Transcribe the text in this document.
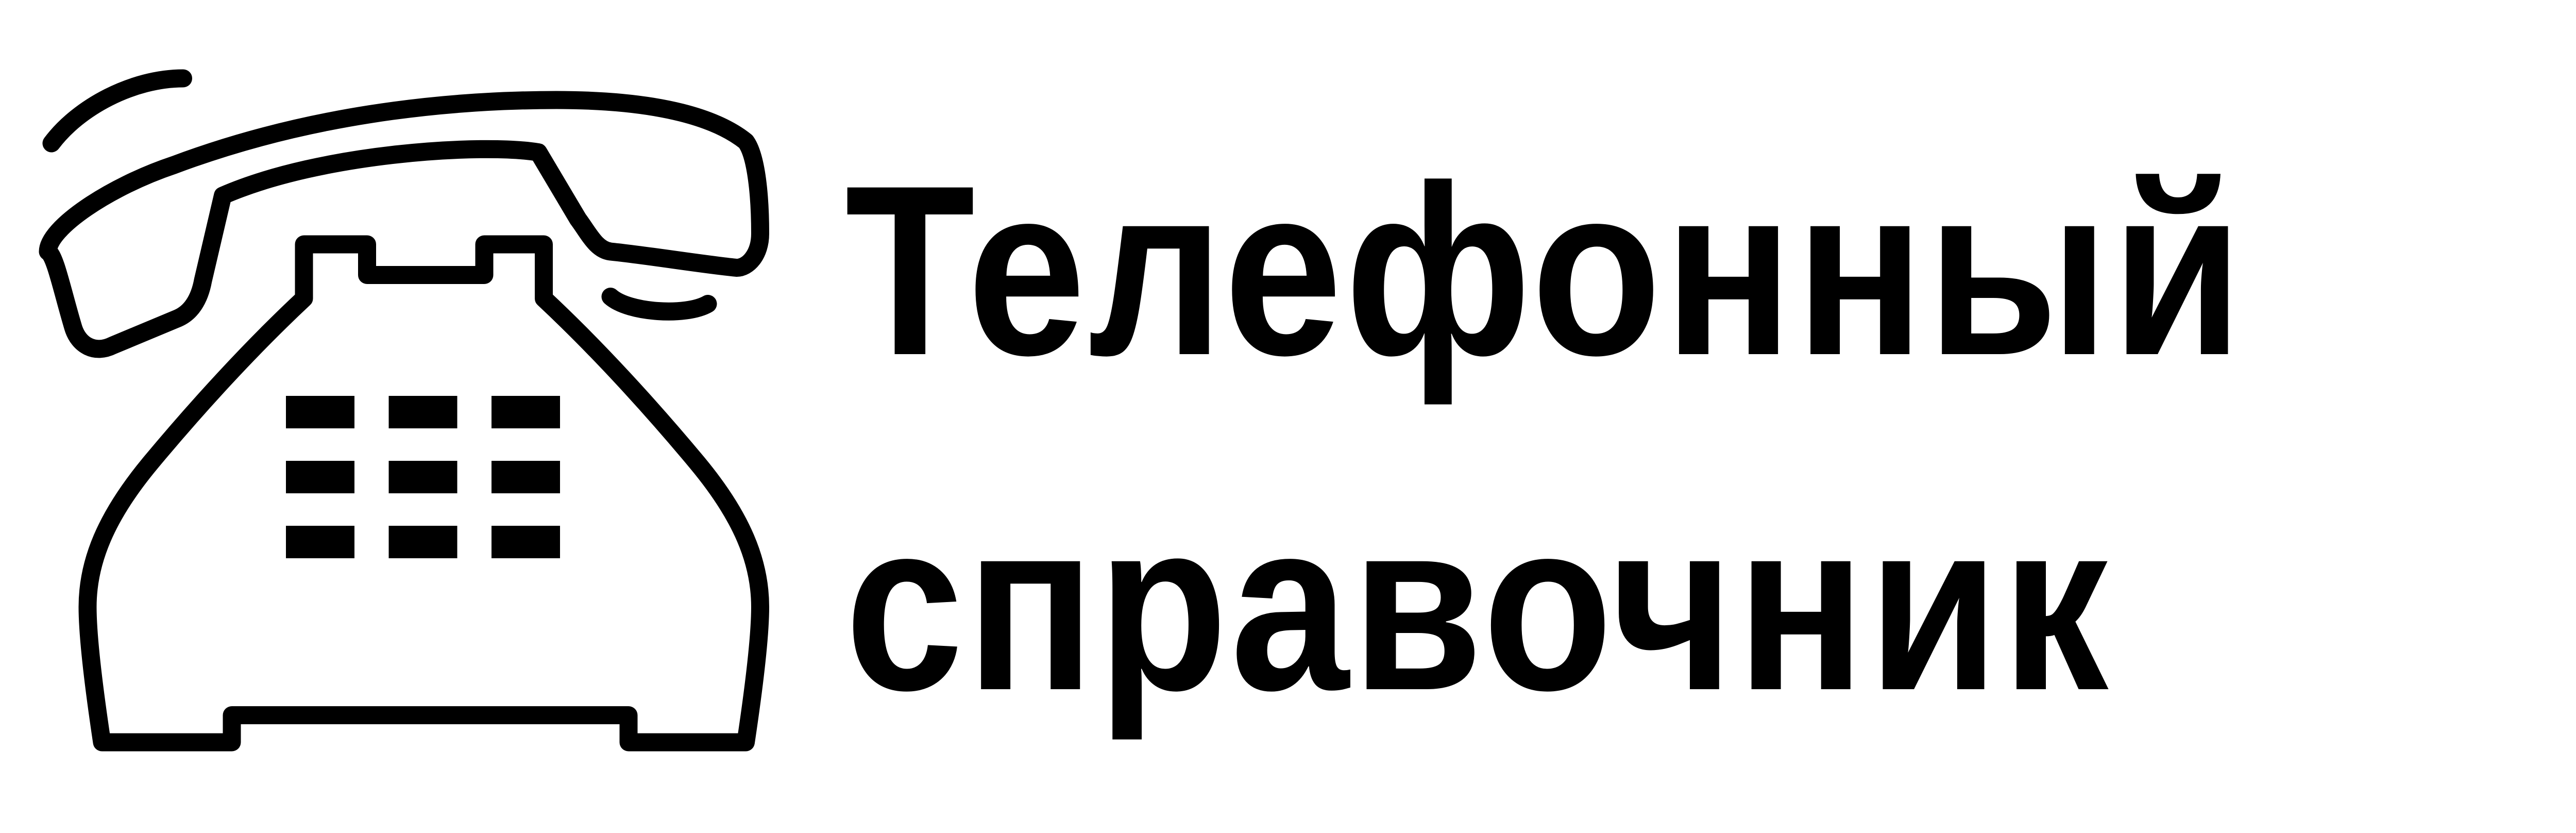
Телефонный
справочник
